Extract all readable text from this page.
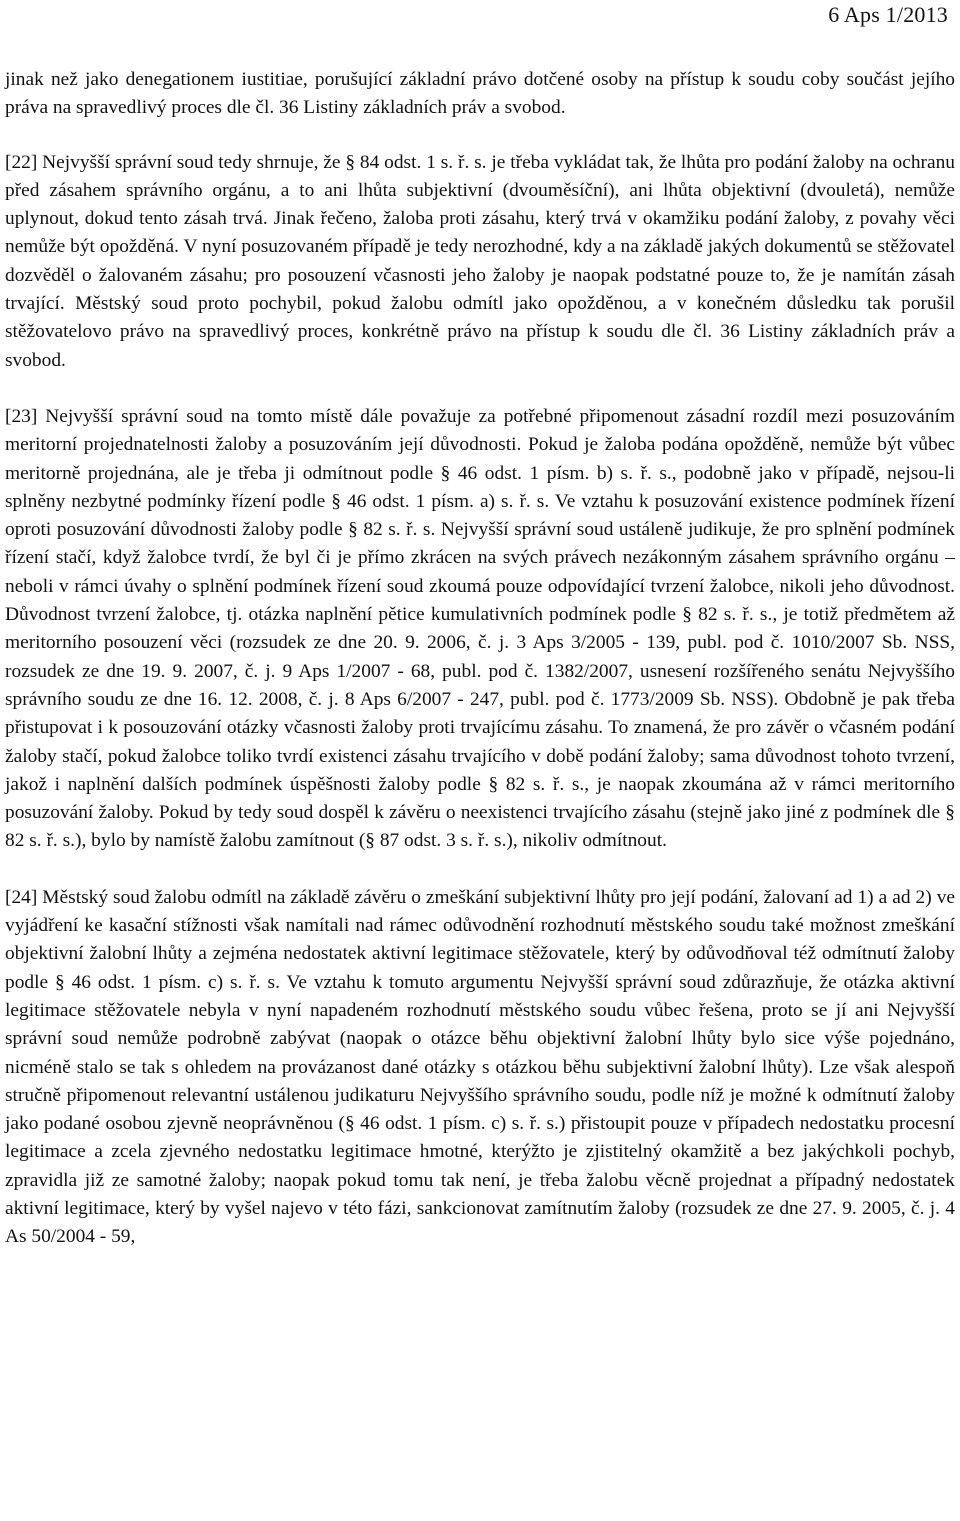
6 Aps 1/2013

jinak než jako denegationem iustitiae, porušující základní právo dotčené osoby na přístup k soudu coby součást jejího práva na spravedlivý proces dle čl. 36 Listiny základních práv a svobod.

[22] Nejvyšší správní soud tedy shrnuje, že § 84 odst. 1 s. ř. s. je třeba vykládat tak, že lhůta pro podání žaloby na ochranu před zásahem správního orgánu, a to ani lhůta subjektivní (dvouměsíční), ani lhůta objektivní (dvouletá), nemůže uplynout, dokud tento zásah trvá. Jinak řečeno, žaloba proti zásahu, který trvá v okamžiku podání žaloby, z povahy věci nemůže být opožděná. V nyní posuzovaném případě je tedy nerozhodné, kdy a na základě jakých dokumentů se stěžovatel dozvěděl o žalovaném zásahu; pro posouzení včasnosti jeho žaloby je naopak podstatné pouze to, že je namítán zásah trvající. Městský soud proto pochybil, pokud žalobu odmítl jako opožděnou, a v konečném důsledku tak porušil stěžovatelovo právo na spravedlivý proces, konkrétně právo na přístup k soudu dle čl. 36 Listiny základních práv a svobod.

[23] Nejvyšší správní soud na tomto místě dále považuje za potřebné připomenout zásadní rozdíl mezi posuzováním meritorní projednatelnosti žaloby a posuzováním její důvodnosti. Pokud je žaloba podána opožděně, nemůže být vůbec meritorně projednána, ale je třeba ji odmítnout podle § 46 odst. 1 písm. b) s. ř. s., podobně jako v případě, nejsou-li splněny nezbytné podmínky řízení podle § 46 odst. 1 písm. a) s. ř. s. Ve vztahu k posuzování existence podmínek řízení oproti posuzování důvodnosti žaloby podle § 82 s. ř. s. Nejvyšší správní soud ustáleně judikuje, že pro splnění podmínek řízení stačí, když žalobce tvrdí, že byl či je přímo zkrácen na svých právech nezákonným zásahem správního orgánu – neboli v rámci úvahy o splnění podmínek řízení soud zkoumá pouze odpovídající tvrzení žalobce, nikoli jeho důvodnost. Důvodnost tvrzení žalobce, tj. otázka naplnění pětice kumulativních podmínek podle § 82 s. ř. s., je totiž předmětem až meritorního posouzení věci (rozsudek ze dne 20. 9. 2006, č. j. 3 Aps 3/2005 - 139, publ. pod č. 1010/2007 Sb. NSS, rozsudek ze dne 19. 9. 2007, č. j. 9 Aps 1/2007 - 68, publ. pod č. 1382/2007, usnesení rozšířeného senátu Nejvyššího správního soudu ze dne 16. 12. 2008, č. j. 8 Aps 6/2007 - 247, publ. pod č. 1773/2009 Sb. NSS). Obdobně je pak třeba přistupovat i k posouzování otázky včasnosti žaloby proti trvajícímu zásahu. To znamená, že pro závěr o včasném podání žaloby stačí, pokud žalobce toliko tvrdí existenci zásahu trvajícího v době podání žaloby; sama důvodnost tohoto tvrzení, jakož i naplnění dalších podmínek úspěšnosti žaloby podle § 82 s. ř. s., je naopak zkoumána až v rámci meritorního posuzování žaloby. Pokud by tedy soud dospěl k závěru o neexistenci trvajícího zásahu (stejně jako jiné z podmínek dle § 82 s. ř. s.), bylo by namístě žalobu zamítnout (§ 87 odst. 3 s. ř. s.), nikoliv odmítnout.

[24] Městský soud žalobu odmítl na základě závěru o zmeškání subjektivní lhůty pro její podání, žalovaní ad 1) a ad 2) ve vyjádření ke kasační stížnosti však namítali nad rámec odůvodnění rozhodnutí městského soudu také možnost zmeškání objektivní žalobní lhůty a zejména nedostatek aktivní legitimace stěžovatele, který by odůvodňoval též odmítnutí žaloby podle § 46 odst. 1 písm. c) s. ř. s. Ve vztahu k tomuto argumentu Nejvyšší správní soud zdůrazňuje, že otázka aktivní legitimace stěžovatele nebyla v nyní napadeném rozhodnutí městského soudu vůbec řešena, proto se jí ani Nejvyšší správní soud nemůže podrobně zabývat (naopak o otázce běhu objektivní žalobní lhůty bylo sice výše pojednáno, nicméně stalo se tak s ohledem na provázanost dané otázky s otázkou běhu subjektivní žalobní lhůty). Lze však alespoň stručně připomenout relevantní ustálenou judikaturu Nejvyššího správního soudu, podle níž je možné k odmítnutí žaloby jako podané osobou zjevně neoprávněnou (§ 46 odst. 1 písm. c) s. ř. s.) přistoupit pouze v případech nedostatku procesní legitimace a zcela zjevného nedostatku legitimace hmotné, kterýžto je zjistitelný okamžitě a bez jakýchkoli pochyb, zpravidla již ze samotné žaloby; naopak pokud tomu tak není, je třeba žalobu věcně projednat a případný nedostatek aktivní legitimace, který by vyšel najevo v této fázi, sankcionovat zamítnutím žaloby (rozsudek ze dne 27. 9. 2005, č. j. 4 As 50/2004 - 59,
